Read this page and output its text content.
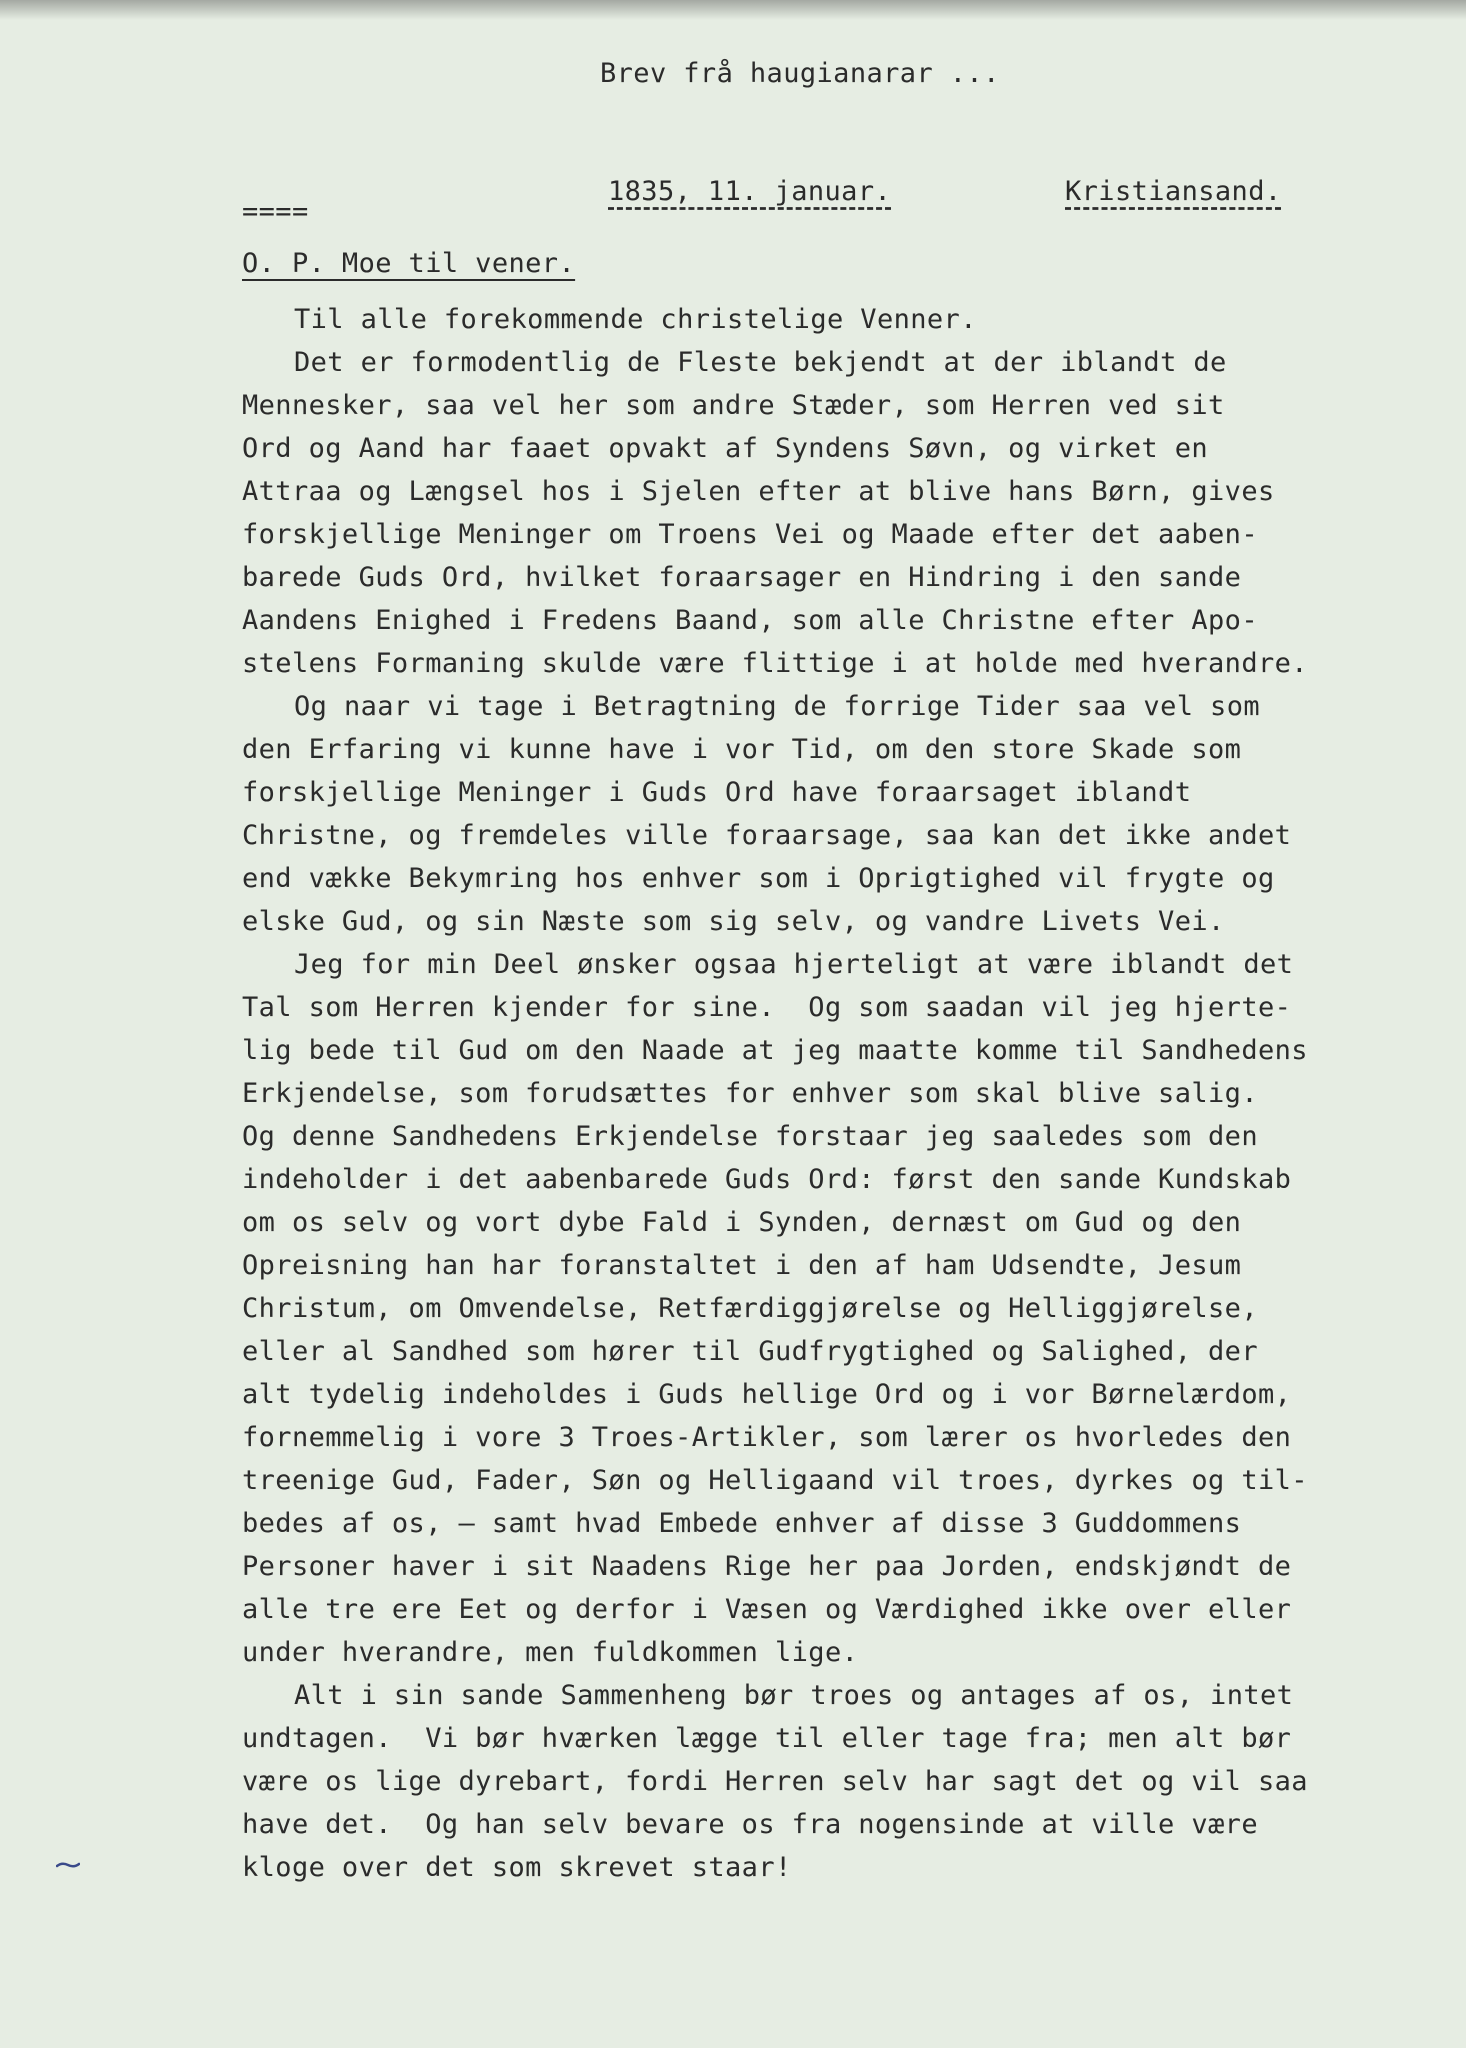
Brev frå haugianarar ...
1835, 11. januar.	Kristiansand.
====
O. P. Moe til vener.
Til alle forekommende christelige Venner.
Det er formodentlig de Fleste bekjendt at der iblandt de
Mennesker, saa vel her som andre Stæder, som Herren ved sit
Ord og Aand har faaet opvakt af Syndens Søvn, og virket en
Attraa og Længsel hos i Sjelen efter at blive hans Børn, gives
forskjellige Meninger om Troens Vei og Maade efter det aaben-
barede Guds Ord, hvilket foraarsager en Hindring i den sande
Aandens Enighed i Fredens Baand, som alle Christne efter Apo-
stelens Formaning skulde være flittige i at holde med hverandre.
Og naar vi tage i Betragtning de forrige Tider saa vel som
den Erfaring vi kunne have i vor Tid, om den store Skade som
forskjellige Meninger i Guds Ord have foraarsaget iblandt
Christne, og fremdeles ville foraarsage, saa kan det ikke andet
end vække Bekymring hos enhver som i Oprigtighed vil frygte og
elske Gud, og sin Næste som sig selv, og vandre Livets Vei.
Jeg for min Deel ønsker ogsaa hjerteligt at være iblandt det
Tal som Herren kjender for sine.  Og som saadan vil jeg hjerte-
lig bede til Gud om den Naade at jeg maatte komme til Sandhedens
Erkjendelse, som forudsættes for enhver som skal blive salig.
Og denne Sandhedens Erkjendelse forstaar jeg saaledes som den
indeholder i det aabenbarede Guds Ord: først den sande Kundskab
om os selv og vort dybe Fald i Synden, dernæst om Gud og den
Opreisning han har foranstaltet i den af ham Udsendte, Jesum
Christum, om Omvendelse, Retfærdiggjørelse og Helliggjørelse,
eller al Sandhed som hører til Gudfrygtighed og Salighed, der
alt tydelig indeholdes i Guds hellige Ord og i vor Børnelærdom,
fornemmelig i vore 3 Troes-Artikler, som lærer os hvorledes den
treenige Gud, Fader, Søn og Helligaand vil troes, dyrkes og til-
bedes af os, — samt hvad Embede enhver af disse 3 Guddommens
Personer haver i sit Naadens Rige her paa Jorden, endskjøndt de
alle tre ere Eet og derfor i Væsen og Værdighed ikke over eller
under hverandre, men fuldkommen lige.
Alt i sin sande Sammenheng bør troes og antages af os, intet
undtagen.  Vi bør hværken lægge til eller tage fra; men alt bør
være os lige dyrebart, fordi Herren selv har sagt det og vil saa
have det.  Og han selv bevare os fra nogensinde at ville være
kloge over det som skrevet staar!
